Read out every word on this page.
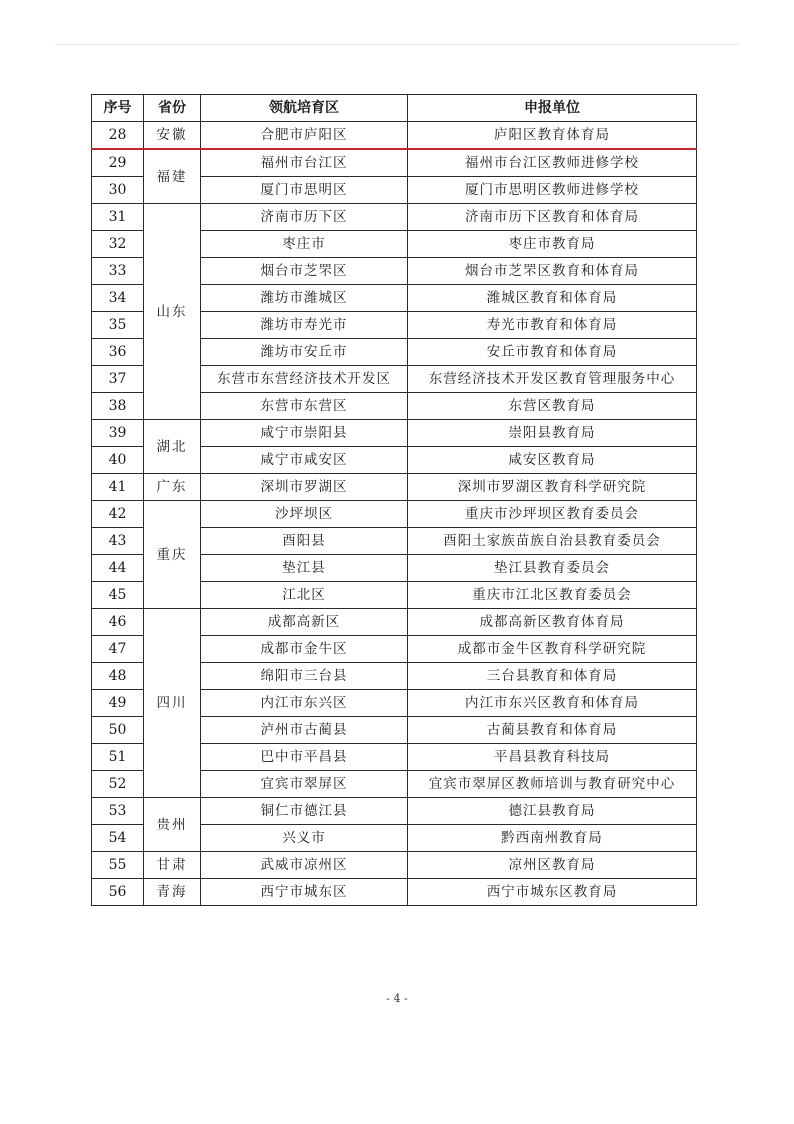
序号	省份	领航培育区	申报单位
28	安徽	合肥市庐阳区	庐阳区教育体育局
29	福建	福州市台江区	福州市台江区教师进修学校
30		厦门市思明区	厦门市思明区教师进修学校
31	山东	济南市历下区	济南市历下区教育和体育局
32		枣庄市	枣庄市教育局
33		烟台市芝罘区	烟台市芝罘区教育和体育局
34		潍坊市潍城区	潍城区教育和体育局
35		潍坊市寿光市	寿光市教育和体育局
36		潍坊市安丘市	安丘市教育和体育局
37		东营市东营经济技术开发区	东营经济技术开发区教育管理服务中心
38		东营市东营区	东营区教育局
39	湖北	咸宁市崇阳县	崇阳县教育局
40		咸宁市咸安区	咸安区教育局
41	广东	深圳市罗湖区	深圳市罗湖区教育科学研究院
42	重庆	沙坪坝区	重庆市沙坪坝区教育委员会
43		酉阳县	酉阳土家族苗族自治县教育委员会
44		垫江县	垫江县教育委员会
45		江北区	重庆市江北区教育委员会
46	四川	成都高新区	成都高新区教育体育局
47		成都市金牛区	成都市金牛区教育科学研究院
48		绵阳市三台县	三台县教育和体育局
49		内江市东兴区	内江市东兴区教育和体育局
50		泸州市古蔺县	古蔺县教育和体育局
51		巴中市平昌县	平昌县教育科技局
52		宜宾市翠屏区	宜宾市翠屏区教师培训与教育研究中心
53	贵州	铜仁市德江县	德江县教育局
54		兴义市	黔西南州教育局
55	甘肃	武威市凉州区	凉州区教育局
56	青海	西宁市城东区	西宁市城东区教育局
- 4 -
